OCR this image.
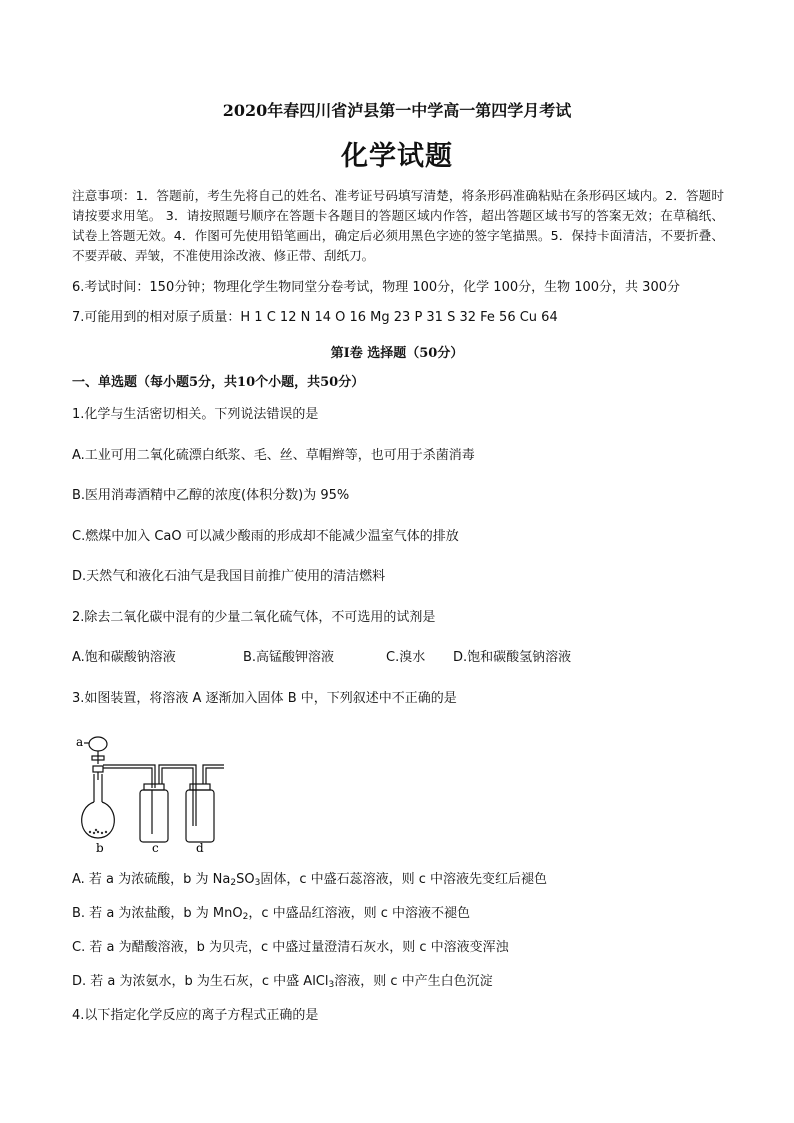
2020年春四川省泸县第一中学高一第四学月考试
化学试题
注意事项：1．答题前，考生先将自己的姓名、准考证号码填写清楚，将条形码准确粘贴在条形码区域内。2．答题时请按要求用笔。 3．请按照题号顺序在答题卡各题目的答题区域内作答，超出答题区域书写的答案无效；在草稿纸、试卷上答题无效。4．作图可先使用铅笔画出，确定后必须用黑色字迹的签字笔描黑。5．保持卡面清洁，不要折叠、不要弄破、弄皱，不准使用涂改液、修正带、刮纸刀。
6.考试时间：150分钟；物理化学生物同堂分卷考试，物理 100分，化学 100分，生物 100分，共 300分
7.可能用到的相对原子质量：H 1 C 12 N 14 O 16 Mg 23 P 31 S 32 Fe 56 Cu 64
第Ⅰ卷 选择题（50分）
一、单选题（每小题5分，共10个小题，共50分）
1.化学与生活密切相关。下列说法错误的是
A.工业可用二氧化硫漂白纸浆、毛、丝、草帽辫等，也可用于杀菌消毒
B.医用消毒酒精中乙醇的浓度(体积分数)为 95%
C.燃煤中加入 CaO 可以减少酸雨的形成却不能减少温室气体的排放
D.天然气和液化石油气是我国目前推广使用的清洁燃料
2.除去二氧化碳中混有的少量二氧化硫气体，不可选用的试剂是
A.饱和碳酸钠溶液	B.高锰酸钾溶液	C.溴水 D.饱和碳酸氢钠溶液
3.如图装置，将溶液 A 逐渐加入固体 B 中，下列叙述中不正确的是
a
b	c	d
A. 若 a 为浓硫酸，b 为 $Na_2SO_3$固体，c 中盛石蕊溶液，则 c 中溶液先变红后褪色
B. 若 a 为浓盐酸，b 为 MnO$_2$，c 中盛品红溶液，则 c 中溶液不褪色
C. 若 a 为醋酸溶液，b 为贝壳，c 中盛过量澄清石灰水，则 c 中溶液变浑浊
D. 若 a 为浓氨水，b 为生石灰，c 中盛 AlCl$_3$溶液，则 c 中产生白色沉淀
4.以下指定化学反应的离子方程式正确的是
